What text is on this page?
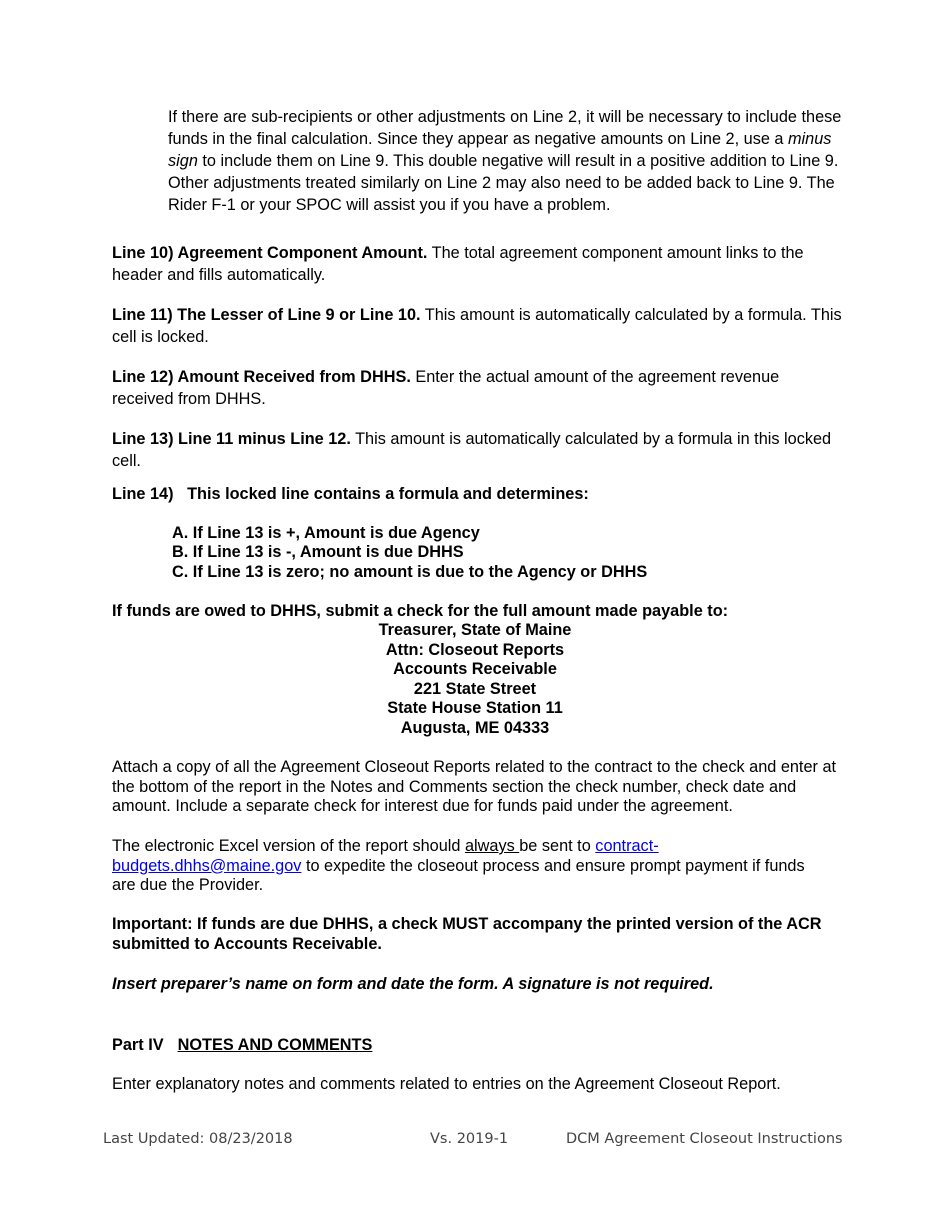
If there are sub-recipients or other adjustments on Line 2, it will be necessary to include these funds in the final calculation. Since they appear as negative amounts on Line 2, use a minus sign to include them on Line 9. This double negative will result in a positive addition to Line 9. Other adjustments treated similarly on Line 2 may also need to be added back to Line 9. The Rider F-1 or your SPOC will assist you if you have a problem.

Line 10) Agreement Component Amount. The total agreement component amount links to the header and fills automatically.

Line 11) The Lesser of Line 9 or Line 10. This amount is automatically calculated by a formula. This cell is locked.

Line 12) Amount Received from DHHS. Enter the actual amount of the agreement revenue received from DHHS.

Line 13) Line 11 minus Line 12. This amount is automatically calculated by a formula in this locked cell.

Line 14)   This locked line contains a formula and determines:

A. If Line 13 is +, Amount is due Agency
B. If Line 13 is -, Amount is due DHHS
C. If Line 13 is zero; no amount is due to the Agency or DHHS

If funds are owed to DHHS, submit a check for the full amount made payable to:

Treasurer, State of Maine
Attn: Closeout Reports
Accounts Receivable
221 State Street
State House Station 11
Augusta, ME 04333

Attach a copy of all the Agreement Closeout Reports related to the contract to the check and enter at the bottom of the report in the Notes and Comments section the check number, check date and amount. Include a separate check for interest due for funds paid under the agreement.

The electronic Excel version of the report should always be sent to contract-budgets.dhhs@maine.gov to expedite the closeout process and ensure prompt payment if funds are due the Provider.

Important: If funds are due DHHS, a check MUST accompany the printed version of the ACR submitted to Accounts Receivable.

Insert preparer’s name on form and date the form. A signature is not required.

Part IV NOTES AND COMMENTS

Enter explanatory notes and comments related to entries on the Agreement Closeout Report.

Last Updated: 08/23/2018	Vs. 2019-1	DCM Agreement Closeout Instructions
